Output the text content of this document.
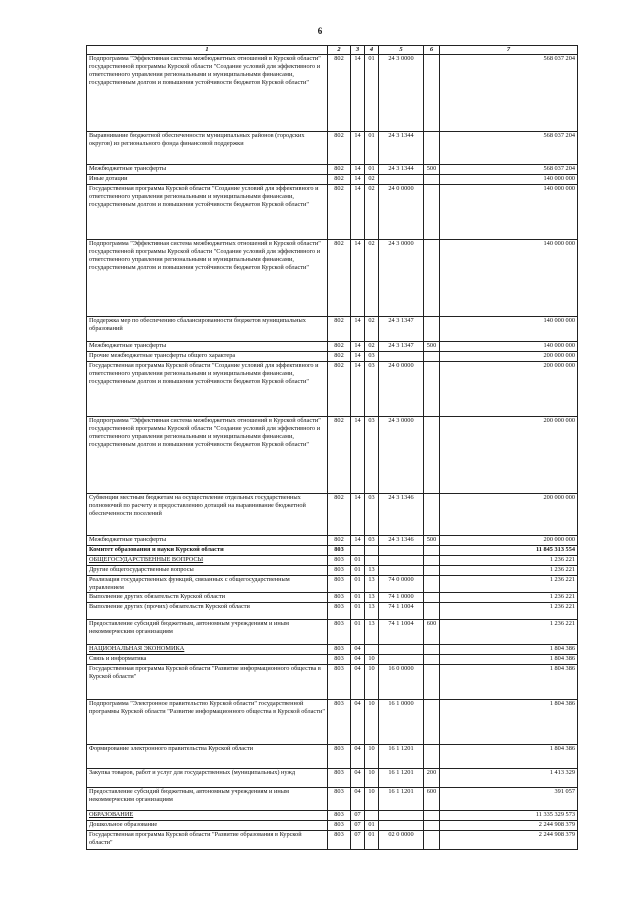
6
1	2	3	4	5	6	7
Подпрограмма "Эффективная система межбюджетных отношений в Курской области" государственной программы Курской области "Создание условий для эффективного и ответственного управления региональными и муниципальными финансами, государственным долгом и повышения устойчивости бюджетов Курской области"	802	14	01	24 3 0000		568 037 204
Выравнивание бюджетной обеспеченности муниципальных районов (городских округов) из регионального фонда финансовой поддержки	802	14	01	24 3 1344		568 037 204
Межбюджетные трансферты	802	14	01	24 3 1344	500	568 037 204
Иные дотации	802	14	02			140 000 000
Государственная программа Курской области "Создание условий для эффективного и ответственного управления региональными и муниципальными финансами, государственным долгом и повышения устойчивости бюджетов Курской области"	802	14	02	24 0 0000		140 000 000
Подпрограмма "Эффективная система межбюджетных отношений в Курской области" государственной программы Курской области "Создание условий для эффективного и ответственного управления региональными и муниципальными финансами, государственным долгом и повышения устойчивости бюджетов Курской области"	802	14	02	24 3 0000		140 000 000
Поддержка мер по обеспечению сбалансированности бюджетов муниципальных образований	802	14	02	24 3 1347		140 000 000
Межбюджетные трансферты	802	14	02	24 3 1347	500	140 000 000
Прочие межбюджетные трансферты общего характера	802	14	03			200 000 000
Государственная программа Курской области "Создание условий для эффективного и ответственного управления региональными и муниципальными финансами, государственным долгом и повышения устойчивости бюджетов Курской области"	802	14	03	24 0 0000		200 000 000
Подпрограмма "Эффективная система межбюджетных отношений в Курской области" государственной программы Курской области "Создание условий для эффективного и ответственного управления региональными и муниципальными финансами, государственным долгом и повышения устойчивости бюджетов Курской области"	802	14	03	24 3 0000		200 000 000
Субвенции местным бюджетам на осуществление отдельных государственных полномочий по расчету и предоставлению дотаций на выравнивание бюджетной обеспеченности поселений	802	14	03	24 3 1346		200 000 000
Межбюджетные трансферты	802	14	03	24 3 1346	500	200 000 000
Комитет образования и науки Курской области	803					11 845 313 554
ОБЩЕГОСУДАРСТВЕННЫЕ ВОПРОСЫ	803	01				1 236 221
Другие общегосударственные вопросы	803	01	13			1 236 221
Реализация государственных функций, связанных с общегосударственным управлением	803	01	13	74 0 0000		1 236 221
Выполнение других обязательств Курской области	803	01	13	74 1 0000		1 236 221
Выполнение других (прочих) обязательств Курской области	803	01	13	74 1 1004		1 236 221
Предоставление субсидий бюджетным, автономным учреждениям и иным некоммерческим организациям	803	01	13	74 1 1004	600	1 236 221
НАЦИОНАЛЬНАЯ ЭКОНОМИКА	803	04				1 804 386
Связь и информатика	803	04	10			1 804 386
Государственная программа Курской области "Развитие информационного общества в Курской области"	803	04	10	16 0 0000		1 804 386
Подпрограмма "Электронное правительство Курской области" государственной программы Курской области "Развитие информационного общества в Курской области"	803	04	10	16 1 0000		1 804 386
Формирование электронного правительства Курской области	803	04	10	16 1 1201		1 804 386
Закупка товаров, работ и услуг для государственных (муниципальных) нужд	803	04	10	16 1 1201	200	1 413 329
Предоставление субсидий бюджетным, автономным учреждениям и иным некоммерческим организациям	803	04	10	16 1 1201	600	391 057
ОБРАЗОВАНИЕ	803	07				11 335 329 573
Дошкольное образование	803	07	01			2 244 908 379
Государственная программа Курской области "Развитие образования в Курской области"	803	07	01	02 0 0000		2 244 908 379
